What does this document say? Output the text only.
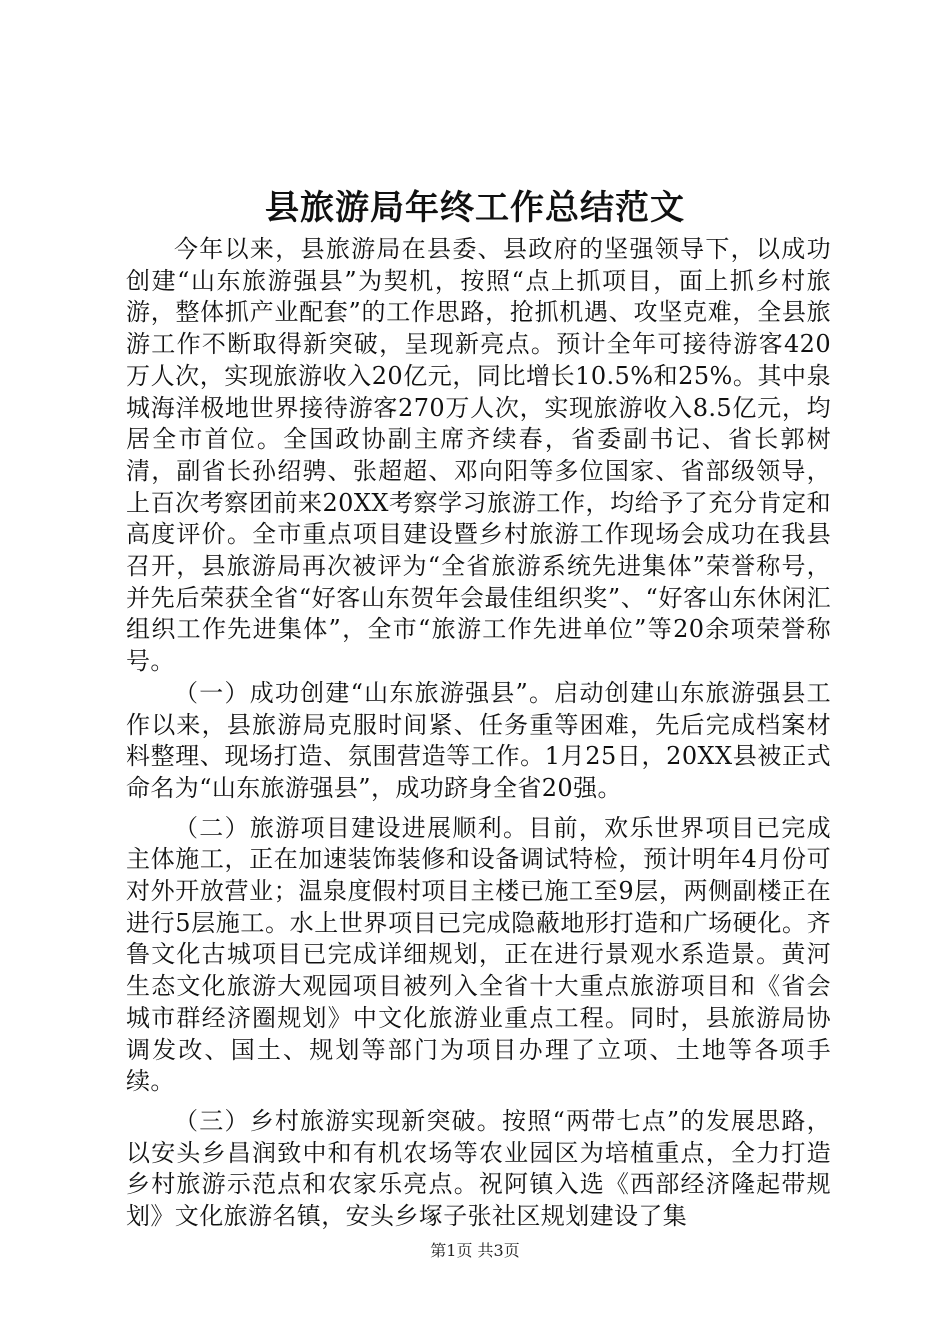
县旅游局年终工作总结范文

今年以来，县旅游局在县委、县政府的坚强领导下，以成功创建“山东旅游强县”为契机，按照“点上抓项目，面上抓乡村旅游，整体抓产业配套”的工作思路，抢抓机遇、攻坚克难，全县旅游工作不断取得新突破，呈现新亮点。预计全年可接待游客420万人次，实现旅游收入20亿元，同比增长10.5%和25%。其中泉城海洋极地世界接待游客270万人次，实现旅游收入8.5亿元，均居全市首位。全国政协副主席齐续春，省委副书记、省长郭树清，副省长孙绍骋、张超超、邓向阳等多位国家、省部级领导，上百次考察团前来20XX考察学习旅游工作，均给予了充分肯定和高度评价。全市重点项目建设暨乡村旅游工作现场会成功在我县召开，县旅游局再次被评为“全省旅游系统先进集体”荣誉称号，并先后荣获全省“好客山东贺年会最佳组织奖”、“好客山东休闲汇组织工作先进集体”，全市“旅游工作先进单位”等20余项荣誉称号。

（一）成功创建“山东旅游强县”。启动创建山东旅游强县工作以来，县旅游局克服时间紧、任务重等困难，先后完成档案材料整理、现场打造、氛围营造等工作。1月25日，20XX县被正式命名为“山东旅游强县”，成功跻身全省20强。

（二）旅游项目建设进展顺利。目前，欢乐世界项目已完成主体施工，正在加速装饰装修和设备调试特检，预计明年4月份可对外开放营业；温泉度假村项目主楼已施工至9层，两侧副楼正在进行5层施工。水上世界项目已完成隐蔽地形打造和广场硬化。齐鲁文化古城项目已完成详细规划，正在进行景观水系造景。黄河生态文化旅游大观园项目被列入全省十大重点旅游项目和《省会城市群经济圈规划》中文化旅游业重点工程。同时，县旅游局协调发改、国土、规划等部门为项目办理了立项、土地等各项手续。

（三）乡村旅游实现新突破。按照“两带七点”的发展思路，以安头乡昌润致中和有机农场等农业园区为培植重点，全力打造乡村旅游示范点和农家乐亮点。祝阿镇入选《西部经济隆起带规划》文化旅游名镇，安头乡塚子张社区规划建设了集

第1页 共3页
